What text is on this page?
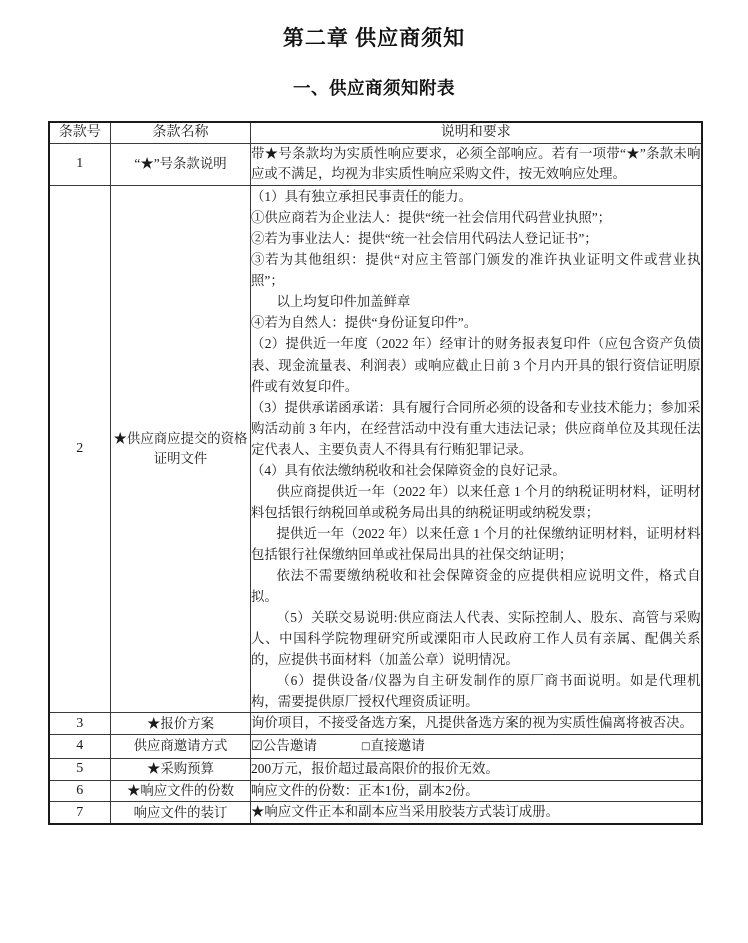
第二章 供应商须知
一、供应商须知附表
条款号	条款名称	说明和要求
1	“★”号条款说明	带★号条款均为实质性响应要求，必须全部响应。若有一项带“★”条款未响应或不满足，均视为非实质性响应采购文件，按无效响应处理。

2	★供应商应提交的资格证明文件	

（1）具有独立承担民事责任的能力。

①供应商若为企业法人：提供“统一社会信用代码营业执照”；

②若为事业法人：提供“统一社会信用代码法人登记证书”；

③若为其他组织：提供“对应主管部门颁发的准许执业证明文件或营业执照”；

以上均复印件加盖鲜章

④若为自然人：提供“身份证复印件”。

（2）提供近一年度（2022 年）经审计的财务报表复印件（应包含资产负债表、现金流量表、利润表）或响应截止日前 3 个月内开具的银行资信证明原件或有效复印件。

（3）提供承诺函承诺：具有履行合同所必须的设备和专业技术能力；参加采购活动前 3 年内，在经营活动中没有重大违法记录；供应商单位及其现任法定代表人、主要负责人不得具有行贿犯罪记录。

（4）具有依法缴纳税收和社会保障资金的良好记录。

供应商提供近一年（2022 年）以来任意 1 个月的纳税证明材料，证明材料包括银行纳税回单或税务局出具的纳税证明或纳税发票；

提供近一年（2022 年）以来任意 1 个月的社保缴纳证明材料，证明材料包括银行社保缴纳回单或社保局出具的社保交纳证明；

依法不需要缴纳税收和社会保障资金的应提供相应说明文件，格式自拟。

（5）关联交易说明:供应商法人代表、实际控制人、股东、高管与采购人、中国科学院物理研究所或溧阳市人民政府工作人员有亲属、配偶关系的，应提供书面材料（加盖公章）说明情况。

（6）提供设备/仪器为自主研发制作的原厂商书面说明。如是代理机构，需要提供原厂授权代理资质证明。

3	★报价方案	询价项目，不接受备选方案，凡提供备选方案的视为实质性偏离将被否决。

4	供应商邀请方式	☑公告邀请 □直接邀请
5	★采购预算	200万元，报价超过最高限价的报价无效。

6	★响应文件的份数	响应文件的份数：正本1份，副本2份。

7	响应文件的装订	★响应文件正本和副本应当采用胶装方式装订成册。
